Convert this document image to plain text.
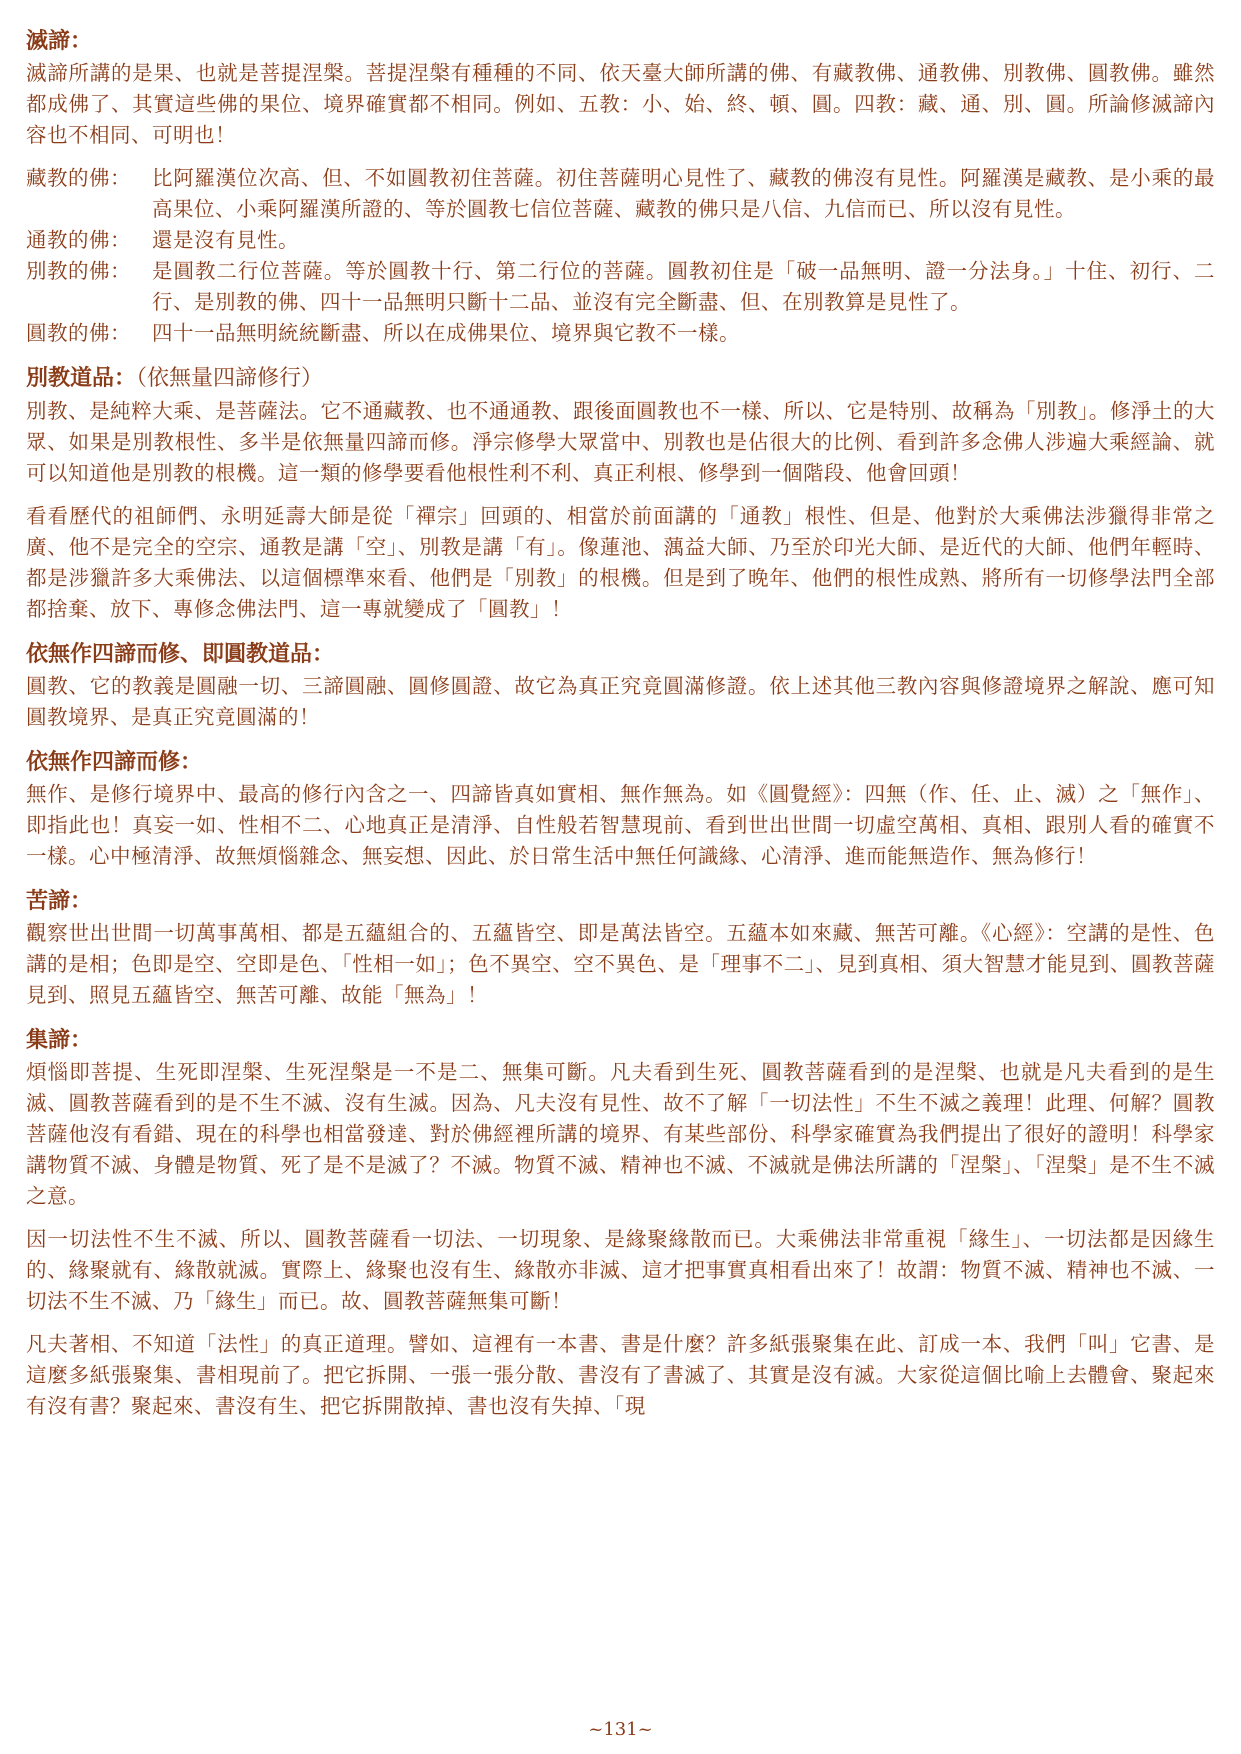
滅諦：

滅諦所講的是果、也就是菩提涅槃。菩提涅槃有種種的不同、依天臺大師所講的佛、有藏教佛、通教佛、別教佛、圓教佛。雖然都成佛了、其實這些佛的果位、境界確實都不相同。例如、五教：小、始、終、頓、圓。四教：藏、通、別、圓。所論修滅諦內容也不相同、可明也！

藏教的佛：	比阿羅漢位次高、但、不如圓教初住菩薩。初住菩薩明心見性了、藏教的佛沒有見性。阿羅漢是藏教、是小乘的最高果位、小乘阿羅漢所證的、等於圓教七信位菩薩、藏教的佛只是八信、九信而已、所以沒有見性。
通教的佛：	還是沒有見性。
別教的佛：	是圓教二行位菩薩。等於圓教十行、第二行位的菩薩。圓教初住是「破一品無明、證一分法身。」十住、初行、二行、是別教的佛、四十一品無明只斷十二品、並沒有完全斷盡、但、在別教算是見性了。
圓教的佛：	四十一品無明統統斷盡、所以在成佛果位、境界與它教不一樣。
別教道品：（依無量四諦修行）

別教、是純粹大乘、是菩薩法。它不通藏教、也不通通教、跟後面圓教也不一樣、所以、它是特別、故稱為「別教」。修淨土的大眾、如果是別教根性、多半是依無量四諦而修。淨宗修學大眾當中、別教也是佔很大的比例、看到許多念佛人涉遍大乘經論、就可以知道他是別教的根機。這一類的修學要看他根性利不利、真正利根、修學到一個階段、他會回頭！

看看歷代的祖師們、永明延壽大師是從「禪宗」回頭的、相當於前面講的「通教」根性、但是、他對於大乘佛法涉獵得非常之廣、他不是完全的空宗、通教是講「空」、別教是講「有」。像蓮池、蕅益大師、乃至於印光大師、是近代的大師、他們年輕時、都是涉獵許多大乘佛法、以這個標準來看、他們是「別教」的根機。但是到了晚年、他們的根性成熟、將所有一切修學法門全部都捨棄、放下、專修念佛法門、這一專就變成了「圓教」！

依無作四諦而修、即圓教道品：

圓教、它的教義是圓融一切、三諦圓融、圓修圓證、故它為真正究竟圓滿修證。依上述其他三教內容與修證境界之解說、應可知圓教境界、是真正究竟圓滿的！

依無作四諦而修：

無作、是修行境界中、最高的修行內含之一、四諦皆真如實相、無作無為。如《圓覺經》：四無（作、任、止、滅）之「無作」、即指此也！真妄一如、性相不二、心地真正是清淨、自性般若智慧現前、看到世出世間一切虛空萬相、真相、跟別人看的確實不一樣。心中極清淨、故無煩惱雜念、無妄想、因此、於日常生活中無任何識緣、心清淨、進而能無造作、無為修行！

苦諦：

觀察世出世間一切萬事萬相、都是五蘊組合的、五蘊皆空、即是萬法皆空。五蘊本如來藏、無苦可離。《心經》：空講的是性、色講的是相；色即是空、空即是色、「性相一如」；色不異空、空不異色、是「理事不二」、見到真相、須大智慧才能見到、圓教菩薩見到、照見五蘊皆空、無苦可離、故能「無為」！

集諦：

煩惱即菩提、生死即涅槃、生死涅槃是一不是二、無集可斷。凡夫看到生死、圓教菩薩看到的是涅槃、也就是凡夫看到的是生滅、圓教菩薩看到的是不生不滅、沒有生滅。因為、凡夫沒有見性、故不了解「一切法性」不生不滅之義理！此理、何解？圓教菩薩他沒有看錯、現在的科學也相當發達、對於佛經裡所講的境界、有某些部份、科學家確實為我們提出了很好的證明！科學家講物質不滅、身體是物質、死了是不是滅了？不滅。物質不滅、精神也不滅、不滅就是佛法所講的「涅槃」、「涅槃」是不生不滅之意。

因一切法性不生不滅、所以、圓教菩薩看一切法、一切現象、是緣聚緣散而已。大乘佛法非常重視「緣生」、一切法都是因緣生的、緣聚就有、緣散就滅。實際上、緣聚也沒有生、緣散亦非滅、這才把事實真相看出來了！故謂：物質不滅、精神也不滅、一切法不生不滅、乃「緣生」而已。故、圓教菩薩無集可斷！

凡夫著相、不知道「法性」的真正道理。譬如、這裡有一本書、書是什麼？許多紙張聚集在此、訂成一本、我們「叫」它書、是這麼多紙張聚集、書相現前了。把它拆開、一張一張分散、書沒有了書滅了、其實是沒有滅。大家從這個比喻上去體會、聚起來有沒有書？聚起來、書沒有生、把它拆開散掉、書也沒有失掉、「現

~131~
